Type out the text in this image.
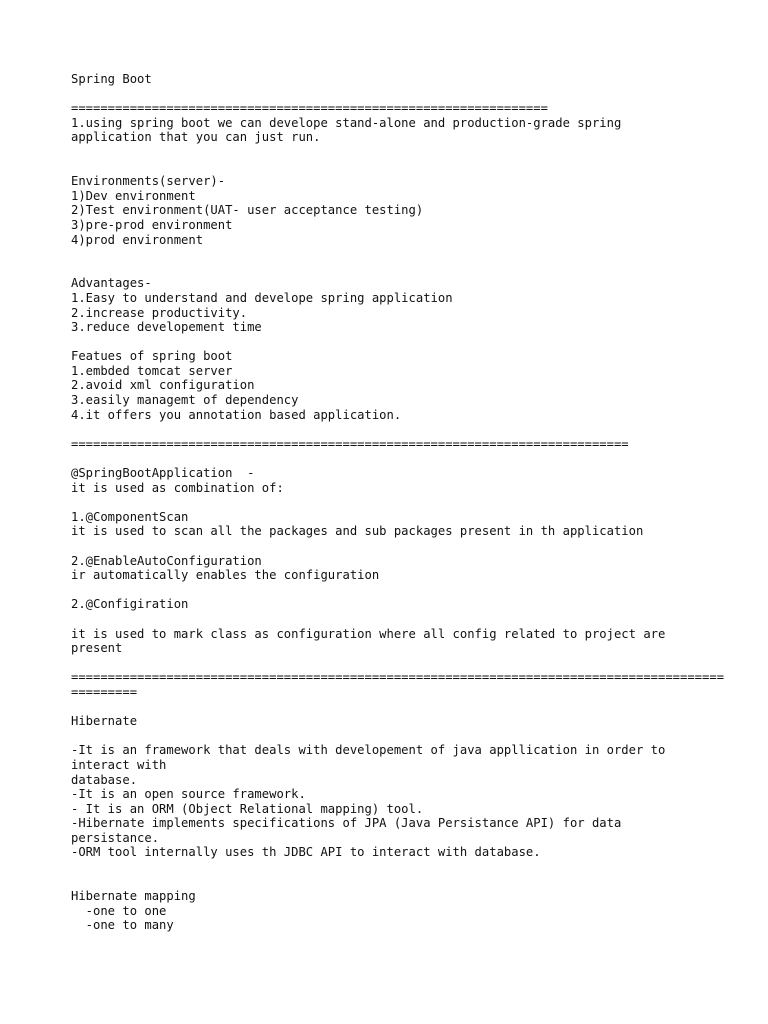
Spring Boot
=================================================================
1.using spring boot we can develope stand-alone and production-grade spring
application that you can just run.
Environments(server)-
1)Dev environment
2)Test environment(UAT- user acceptance testing)
3)pre-prod environment
4)prod environment
Advantages-
1.Easy to understand and develope spring application
2.increase productivity.
3.reduce developement time
Featues of spring boot
1.embded tomcat server
2.avoid xml configuration
3.easily managemt of dependency
4.it offers you annotation based application.
============================================================================
@SpringBootApplication  -
it is used as combination of:
1.@ComponentScan
it is used to scan all the packages and sub packages present in th application
2.@EnableAutoConfiguration
ir automatically enables the configuration
2.@Configiration
it is used to mark class as configuration where all config related to project are
present
=========================================================================================
=========
Hibernate
-It is an framework that deals with developement of java appllication in order to
interact with
database.
-It is an open source framework.
- It is an ORM (Object Relational mapping) tool.
-Hibernate implements specifications of JPA (Java Persistance API) for data
persistance.
-ORM tool internally uses th JDBC API to interact with database.
Hibernate mapping
-one to one
-one to many
